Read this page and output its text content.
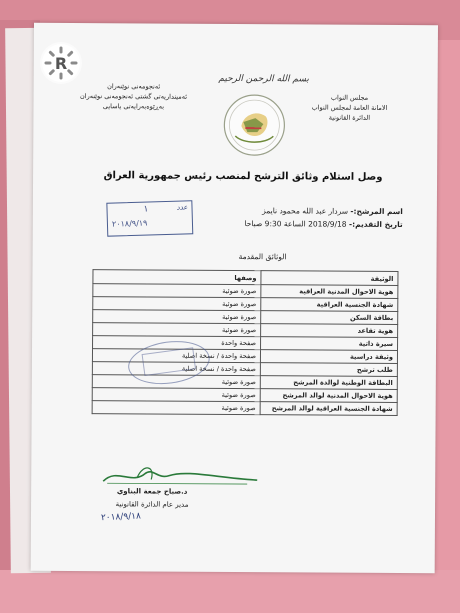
مجلس النواب
الامانة العامة لمجلس النواب
الدائرة القانونية
ئەنجومەنی نوێنەران
ئەمینداریەتی گشتی ئەنجومەنی نوێنەران
بەڕێوەبەرایەتی یاسایی
بسم الله الرحمن الرحيم
وصل استلام وثائق الترشح لمنصب رئيس جمهورية العراق
اسم المرشح:- سردار عبد الله محمود نايمز
تاريخ التقديم:- 2018/9/18 الساعة 9:30 صباحا
عدد
١
٢٠١٨/٩/١٩
الوثائق المقدمة
الوثيقة	وصفها
هوية الاحوال المدنية العراقية	صورة ضوئية
شهادة الجنسية العراقية	صورة ضوئية
بطاقة السكن	صورة ضوئية
هوية تقاعد	صورة ضوئية
سيرة ذاتية	صفحة واحدة
وثيقة دراسية	صفحة واحدة / نسخة اصلية
طلب ترشح	صفحة واحدة / نسخة اصلية
البطاقة الوطنية لوالدة المرشح	صورة ضوئية
هوية الاحوال المدنية لوالد المرشح	صورة ضوئية
شهادة الجنسية العراقية لوالد المرشح	صورة ضوئية
د.صباح جمعة البناوي
مدير عام الدائرة القانونية
٢٠١٨/٩/١٨
R
